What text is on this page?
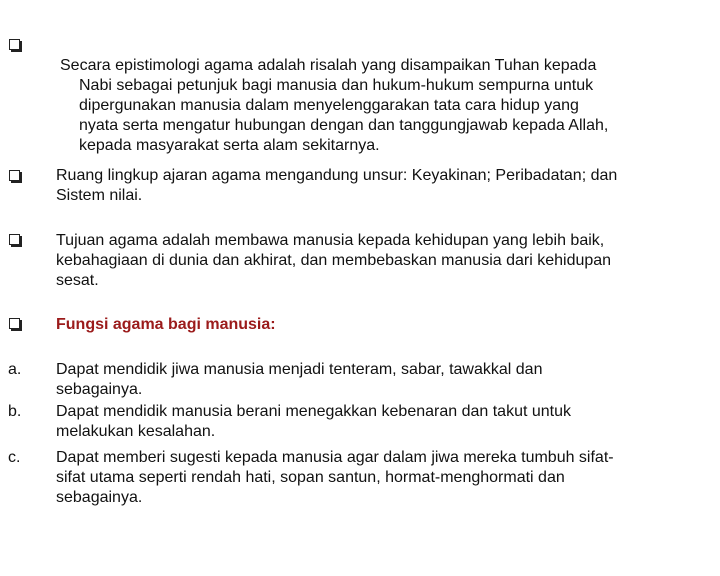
Secara epistimologi agama adalah risalah yang disampaikan Tuhan kepada

Nabi sebagai petunjuk bagi manusia dan hukum-hukum sempurna untuk
dipergunakan manusia dalam menyelenggarakan tata cara hidup yang
nyata serta mengatur hubungan dengan dan tanggungjawab kepada Allah,
kepada masyarakat serta alam sekitarnya.

Ruang lingkup ajaran agama mengandung unsur: Keyakinan; Peribadatan; dan
Sistem nilai.
Tujuan agama adalah membawa manusia kepada kehidupan yang lebih baik,
kebahagiaan di dunia dan akhirat, dan membebaskan manusia dari kehidupan
sesat.
Fungsi agama bagi manusia:
a. Dapat mendidik jiwa manusia menjadi tenteram, sabar, tawakkal dan
sebagainya.
b. Dapat mendidik manusia berani menegakkan kebenaran dan takut untuk
melakukan kesalahan.
c. Dapat memberi sugesti kepada manusia agar dalam jiwa mereka tumbuh sifat-
sifat utama seperti rendah hati, sopan santun, hormat-menghormati dan
sebagainya.
